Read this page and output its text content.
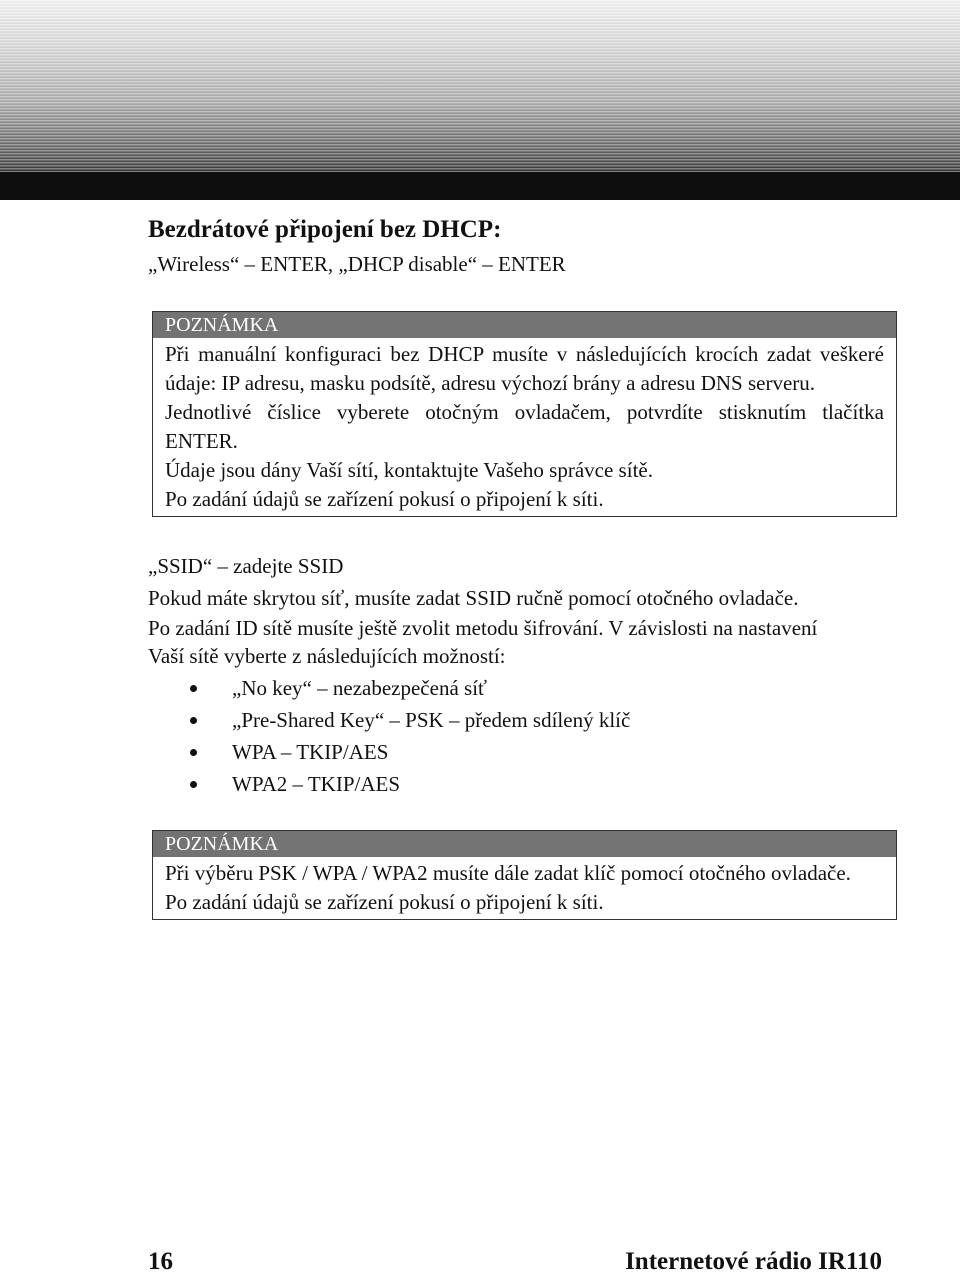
Bezdrátové připojení bez DHCP:
„Wireless“ – ENTER, „DHCP disable“ – ENTER
POZNÁMKA

Při manuální konfiguraci bez DHCP musíte v následujících krocích zadat veškeré údaje: IP adresu, masku podsítě, adresu výchozí brány a adresu DNS serveru.

Jednotlivé číslice vyberete otočným ovladačem, potvrdíte stisknutím tlačítka ENTER.

Údaje jsou dány Vaší sítí, kontaktujte Vašeho správce sítě.

Po zadání údajů se zařízení pokusí o připojení k síti.

„SSID“ – zadejte SSID
Pokud máte skrytou síť, musíte zadat SSID ručně pomocí otočného ovladače.
Po zadání ID sítě musíte ještě zvolit metodu šifrování. V závislosti na nastavení
Vaší sítě vyberte z následujících možností:
„No key“ – nezabezpečená síť
„Pre-Shared Key“ – PSK – předem sdílený klíč
WPA – TKIP/AES
WPA2 – TKIP/AES
POZNÁMKA

Při výběru PSK / WPA / WPA2 musíte dále zadat klíč pomocí otočného ovladače.

Po zadání údajů se zařízení pokusí o připojení k síti.

16	Internetové rádio IR110
